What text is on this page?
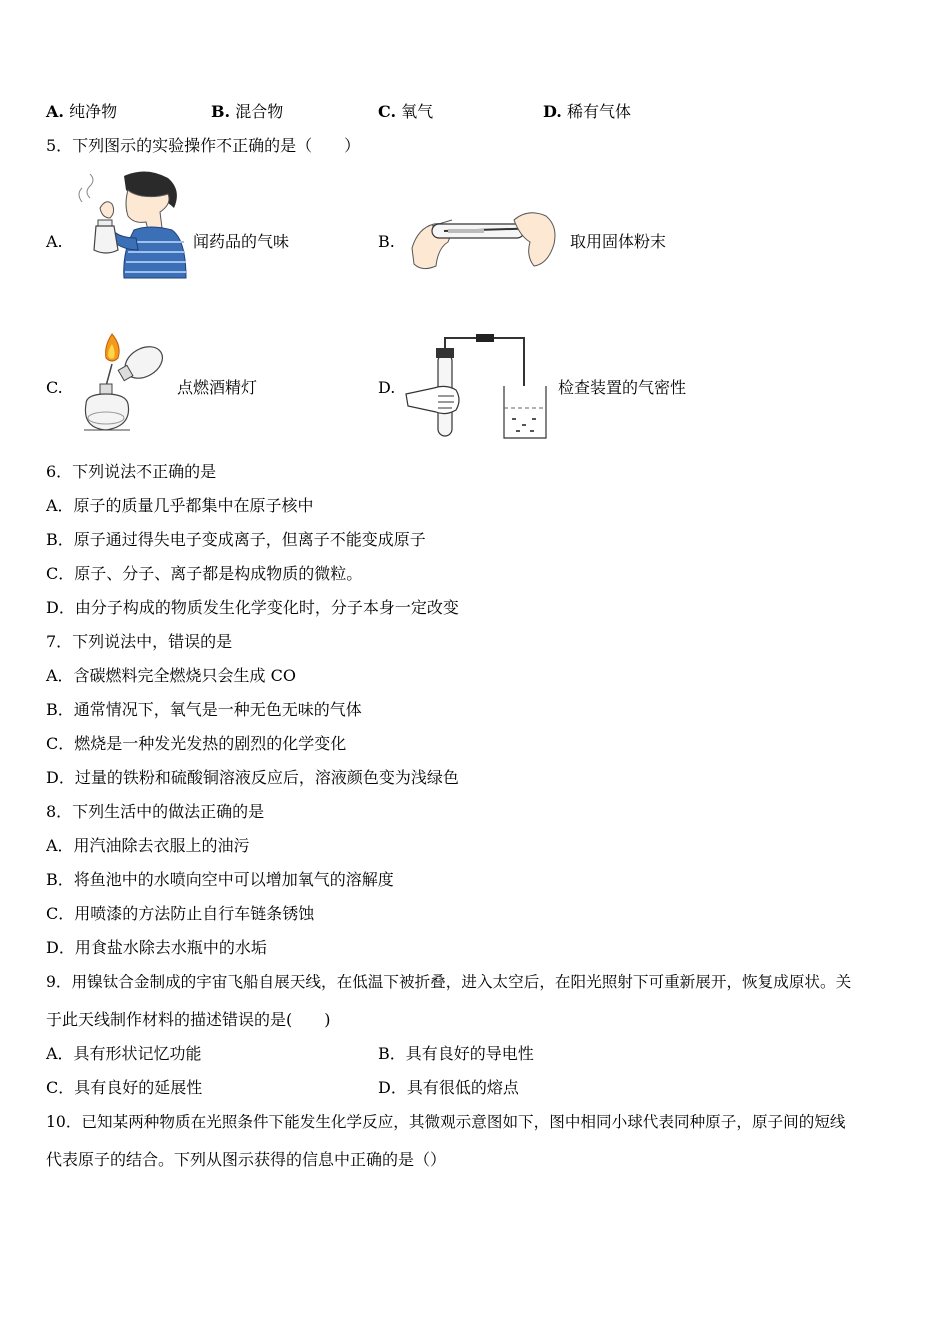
A. 纯净物	B. 混合物	C. 氧气	D. 稀有气体
5．下列图示的实验操作不正确的是（　　）
A.	闻药品的气味	B.	取用固体粉末
C.	点燃酒精灯	D.	检查装置的气密性
6．下列说法不正确的是
A．原子的质量几乎都集中在原子核中
B．原子通过得失电子变成离子，但离子不能变成原子
C．原子、分子、离子都是构成物质的微粒。
D．由分子构成的物质发生化学变化时，分子本身一定改变
7．下列说法中，错误的是
A．含碳燃料完全燃烧只会生成 CO
B．通常情况下，氧气是一种无色无味的气体
C．燃烧是一种发光发热的剧烈的化学变化
D．过量的铁粉和硫酸铜溶液反应后，溶液颜色变为浅绿色
8．下列生活中的做法正确的是
A．用汽油除去衣服上的油污
B．将鱼池中的水喷向空中可以增加氧气的溶解度
C．用喷漆的方法防止自行车链条锈蚀
D．用食盐水除去水瓶中的水垢
9．用镍钛合金制成的宇宙飞船自展天线，在低温下被折叠，进入太空后，在阳光照射下可重新展开，恢复成原状。关
于此天线制作材料的描述错误的是(　　)
A．具有形状记忆功能	B．具有良好的导电性
C．具有良好的延展性	D．具有很低的熔点
10．已知某两种物质在光照条件下能发生化学反应，其微观示意图如下，图中相同小球代表同种原子，原子间的短线
代表原子的结合。下列从图示获得的信息中正确的是（）
